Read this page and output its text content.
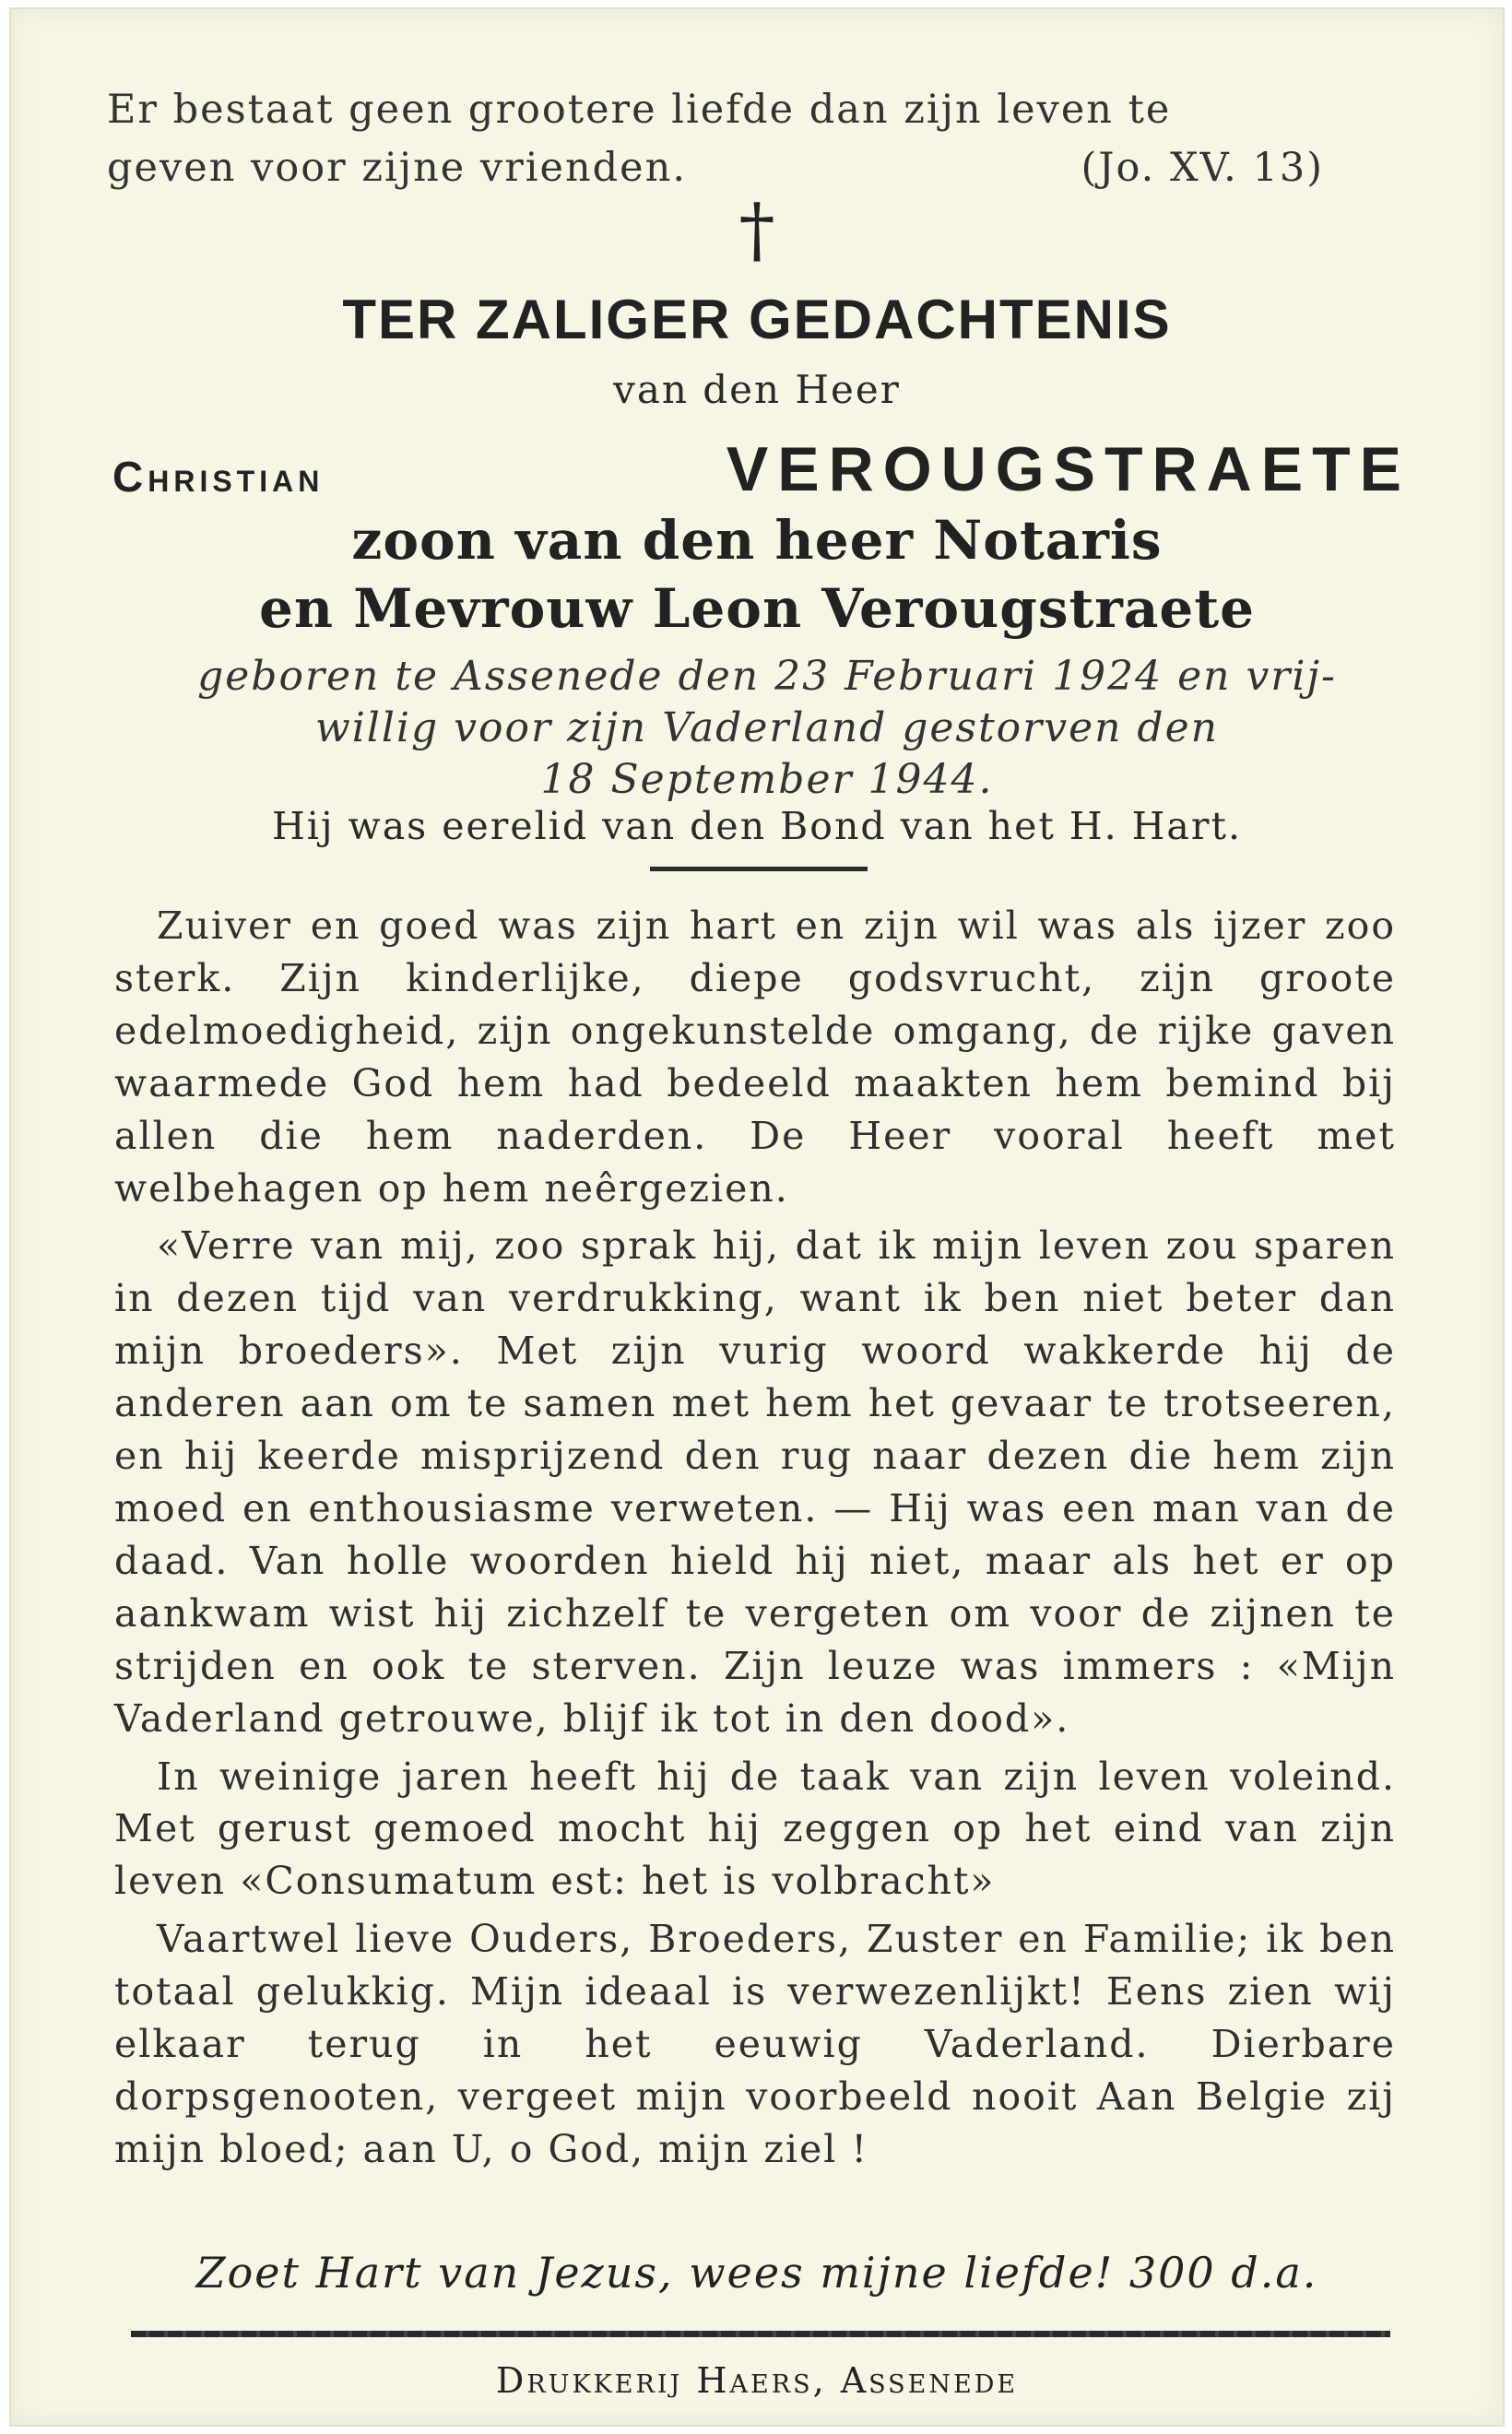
Er bestaat geen grootere liefde dan zijn leven te
geven voor zijne vrienden.	(Jo. XV. 13)
†
TER ZALIGER GEDACHTENIS
van den Heer
Christian	VEROUGSTRAETE
zoon van den heer Notaris
en Mevrouw Leon Verougstraete
geboren te Assenede den 23 Februari 1924 en vrij-
willig voor zijn Vaderland gestorven den
18 September 1944.
Hij was eerelid van den Bond van het H. Hart.

Zuiver en goed was zijn hart en zijn wil was als ijzer zoo sterk. Zijn kinderlijke, diepe godsvrucht, zijn groote edelmoedigheid, zijn ongekunstelde omgang, de rijke gaven waarmede God hem had bedeeld maakten hem bemind bij allen die hem naderden. De Heer vooral heeft met welbehagen op hem neêrgezien.

«Verre van mij, zoo sprak hij, dat ik mijn leven zou sparen in dezen tijd van verdrukking, want ik ben niet beter dan mijn broeders». Met zijn vurig woord wakkerde hij de anderen aan om te samen met hem het gevaar te trotseeren, en hij keerde misprijzend den rug naar dezen die hem zijn moed en enthousiasme verweten. — Hij was een man van de daad. Van holle woorden hield hij niet, maar als het er op aankwam wist hij zichzelf te vergeten om voor de zijnen te strijden en ook te sterven. Zijn leuze was immers : «Mijn Vaderland getrouwe, blijf ik tot in den dood».

In weinige jaren heeft hij de taak van zijn leven voleind. Met gerust gemoed mocht hij zeggen op het eind van zijn leven «Consumatum est: het is volbracht»

Vaartwel lieve Ouders, Broeders, Zuster en Familie; ik ben totaal gelukkig. Mijn ideaal is verwezenlijkt! Eens zien wij elkaar terug in het eeuwig Vaderland. Dierbare dorpsgenooten, vergeet mijn voorbeeld nooit Aan Belgie zij mijn bloed; aan U, o God, mijn ziel !

Zoet Hart van Jezus, wees mijne liefde! 300 d.a.
Drukkerij Haers, Assenede
